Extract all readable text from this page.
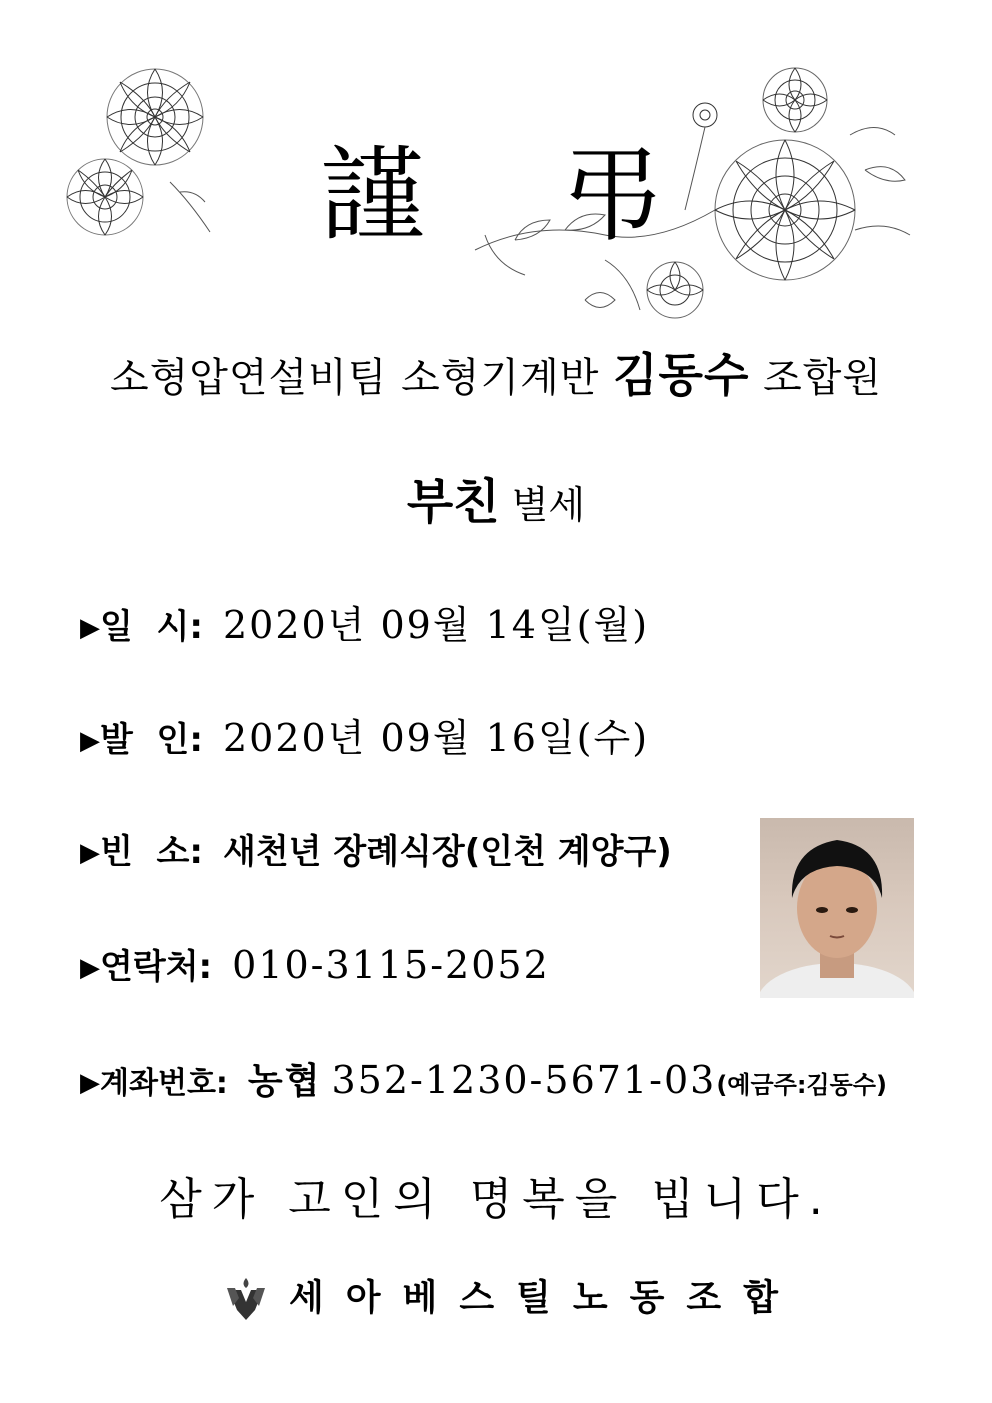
謹 弔
소형압연설비팀 소형기계반 김동수 조합원
부친 별세
▶일  시: 2020년 09월 14일(월)
▶발  인: 2020년 09월 16일(수)
▶빈  소: 새천년 장례식장(인천 계양구)
▶연락처: 010-3115-2052
▶계좌번호: 농협 352-1230-5671-03(예금주:김동수)
삼가 고인의 명복을 빕니다.
세아베스틸노동조합
